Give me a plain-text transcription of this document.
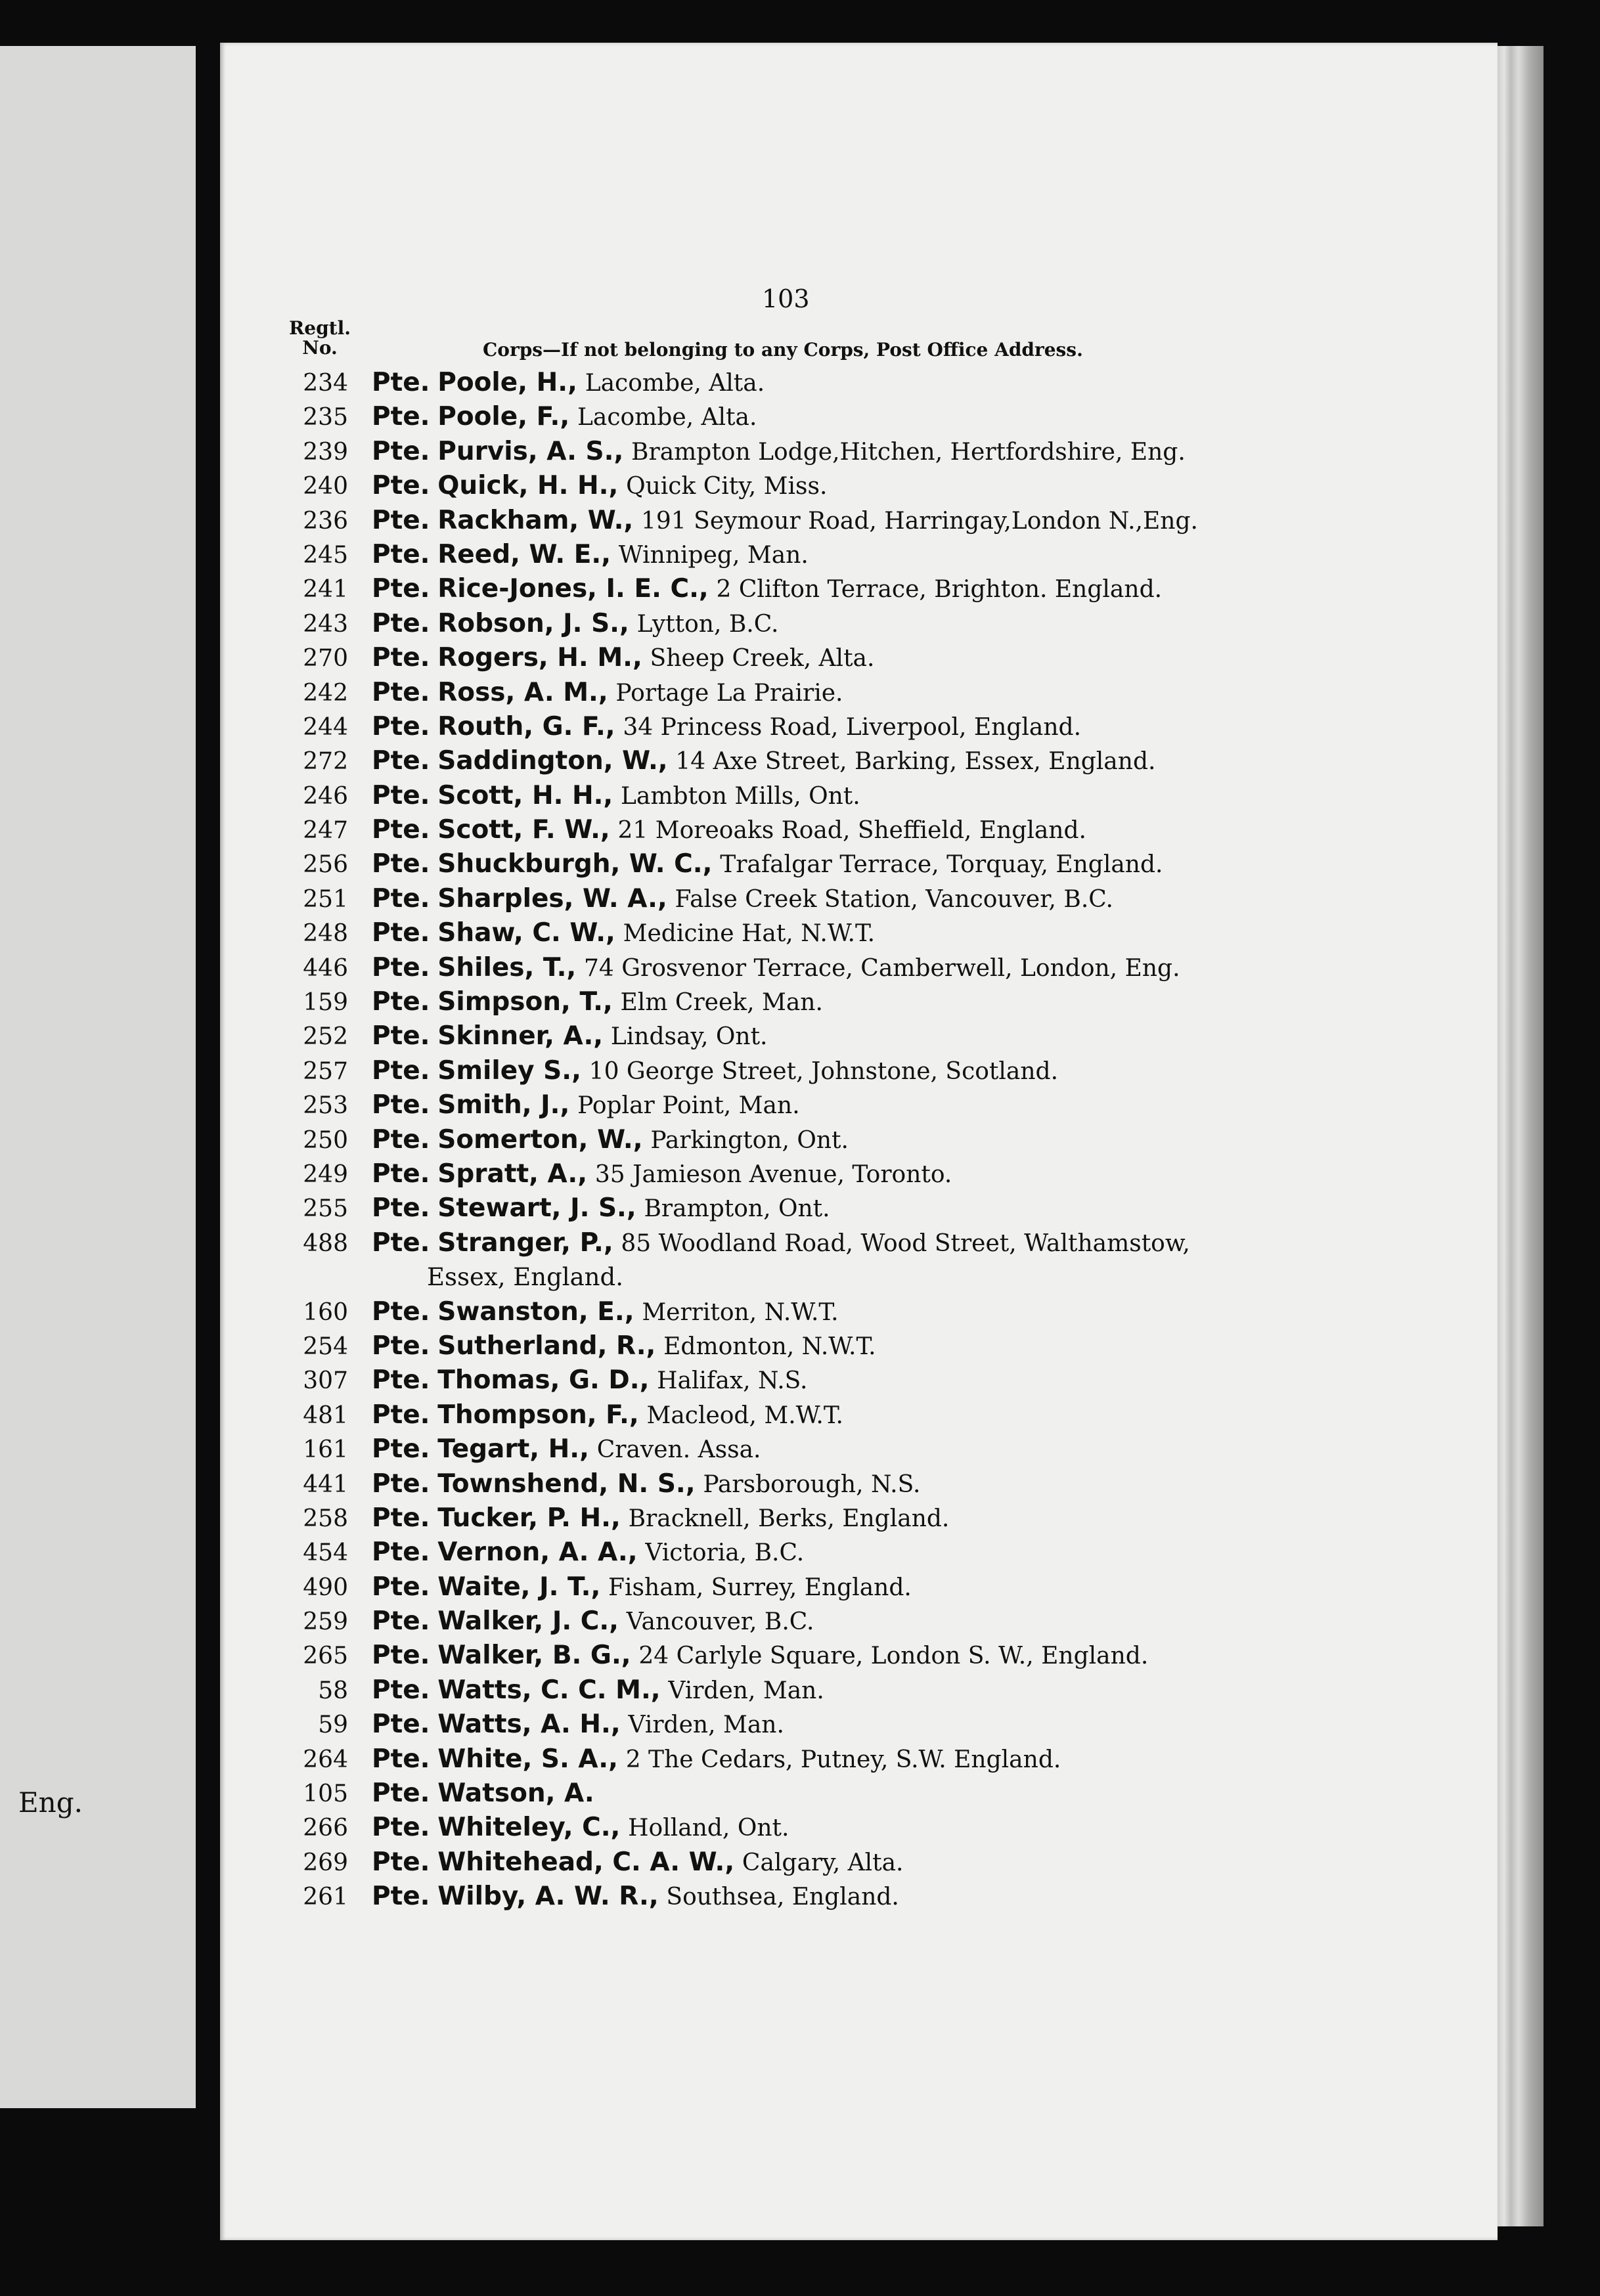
Eng.
103
Regtl.
No.	Corps—If not belonging to any Corps, Post Office Address.
234 Pte. Poole, H., Lacombe, Alta.
235 Pte. Poole, F., Lacombe, Alta.
239 Pte. Purvis, A. S., Brampton Lodge,Hitchen, Hertfordshire, Eng.
240 Pte. Quick, H. H., Quick City, Miss.
236 Pte. Rackham, W., 191 Seymour Road, Harringay,London N.,Eng.
245 Pte. Reed, W. E., Winnipeg, Man.
241 Pte. Rice-Jones, I. E. C., 2 Clifton Terrace, Brighton. England.
243 Pte. Robson, J. S., Lytton, B.C.
270 Pte. Rogers, H. M., Sheep Creek, Alta.
242 Pte. Ross, A. M., Portage La Prairie.
244 Pte. Routh, G. F., 34 Princess Road, Liverpool, England.
272 Pte. Saddington, W., 14 Axe Street, Barking, Essex, England.
246 Pte. Scott, H. H., Lambton Mills, Ont.
247 Pte. Scott, F. W., 21 Moreoaks Road, Sheffield, England.
256 Pte. Shuckburgh, W. C., Trafalgar Terrace, Torquay, England.
251 Pte. Sharples, W. A., False Creek Station, Vancouver, B.C.
248 Pte. Shaw, C. W., Medicine Hat, N.W.T.
446 Pte. Shiles, T., 74 Grosvenor Terrace, Camberwell, London, Eng.
159 Pte. Simpson, T., Elm Creek, Man.
252 Pte. Skinner, A., Lindsay, Ont.
257 Pte. Smiley S., 10 George Street, Johnstone, Scotland.
253 Pte. Smith, J., Poplar Point, Man.
250 Pte. Somerton, W., Parkington, Ont.
249 Pte. Spratt, A., 35 Jamieson Avenue, Toronto.
255 Pte. Stewart, J. S., Brampton, Ont.
488 Pte. Stranger, P., 85 Woodland Road, Wood Street, Walthamstow,
Essex, England.
160 Pte. Swanston, E., Merriton, N.W.T.
254 Pte. Sutherland, R., Edmonton, N.W.T.
307 Pte. Thomas, G. D., Halifax, N.S.
481 Pte. Thompson, F., Macleod, M.W.T.
161 Pte. Tegart, H., Craven. Assa.
441 Pte. Townshend, N. S., Parsborough, N.S.
258 Pte. Tucker, P. H., Bracknell, Berks, England.
454 Pte. Vernon, A. A., Victoria, B.C.
490 Pte. Waite, J. T., Fisham, Surrey, England.
259 Pte. Walker, J. C., Vancouver, B.C.
265 Pte. Walker, B. G., 24 Carlyle Square, London S. W., England.
58 Pte. Watts, C. C. M., Virden, Man.
59 Pte. Watts, A. H., Virden, Man.
264 Pte. White, S. A., 2 The Cedars, Putney, S.W. England.
105 Pte. Watson, A.
266 Pte. Whiteley, C., Holland, Ont.
269 Pte. Whitehead, C. A. W., Calgary, Alta.
261 Pte. Wilby, A. W. R., Southsea, England.
